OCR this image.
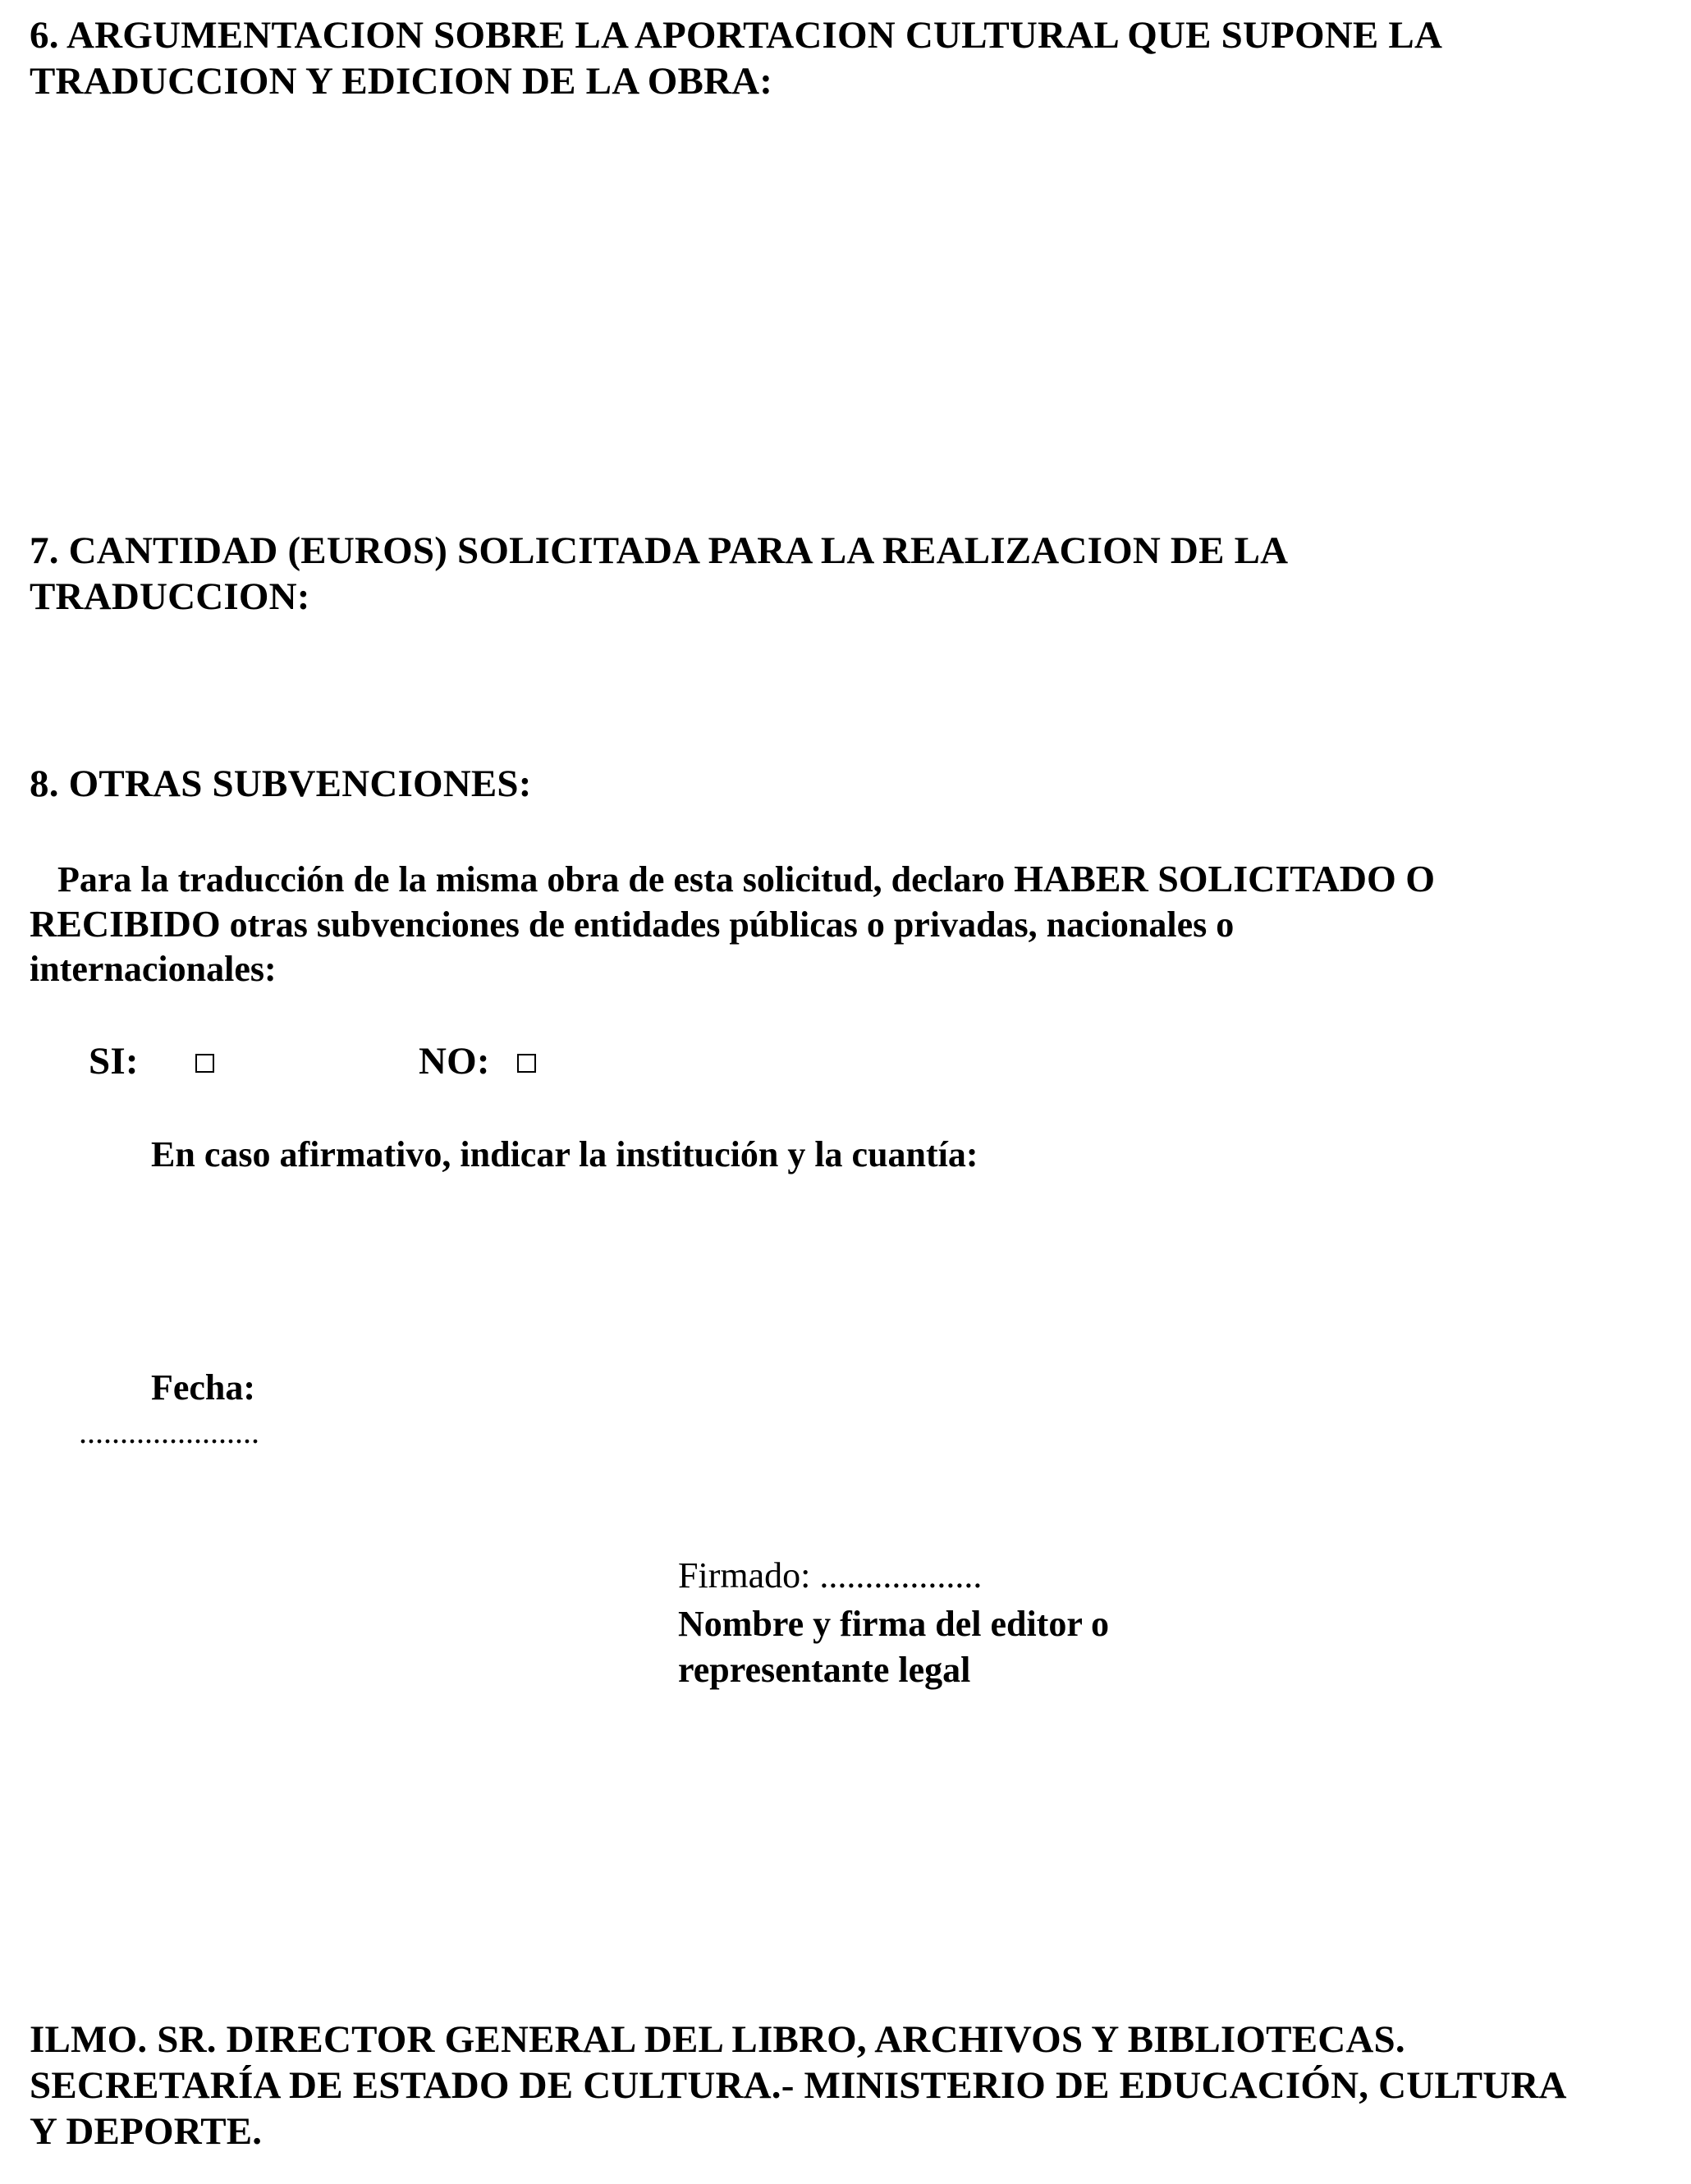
6. ARGUMENTACION SOBRE LA APORTACION CULTURAL QUE SUPONE LA
TRADUCCION Y EDICION DE LA OBRA:
7. CANTIDAD (EUROS) SOLICITADA PARA LA REALIZACION DE LA
TRADUCCION:
8. OTRAS SUBVENCIONES:
Para la traducción de la misma obra de esta solicitud, declaro HABER SOLICITADO O
RECIBIDO otras subvenciones de entidades públicas o privadas, nacionales o
internacionales:
SI:	NO:
En caso afirmativo, indicar la institución y la cuantía:
Fecha:
......................
Firmado: ..................
Nombre y firma del editor o
representante legal
ILMO. SR. DIRECTOR GENERAL DEL LIBRO, ARCHIVOS Y BIBLIOTECAS.
SECRETARÍA DE ESTADO DE CULTURA.- MINISTERIO DE EDUCACIÓN, CULTURA
Y DEPORTE.
